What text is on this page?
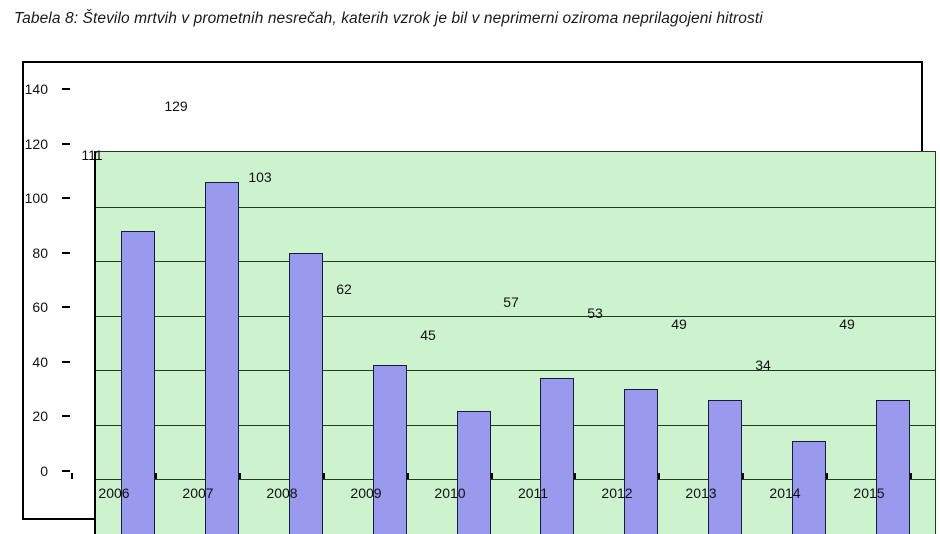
Tabela 8: Število mrtvih v prometnih nesrečah, katerih vzrok je bil v neprimerni oziroma neprilagojeni hitrosti
111
129
103
62
45
57
53
49
34
49
0
20
40
60
80
100
120
140
2006	2007	2008	2009	2010	2011	2012	2013	2014	2015
